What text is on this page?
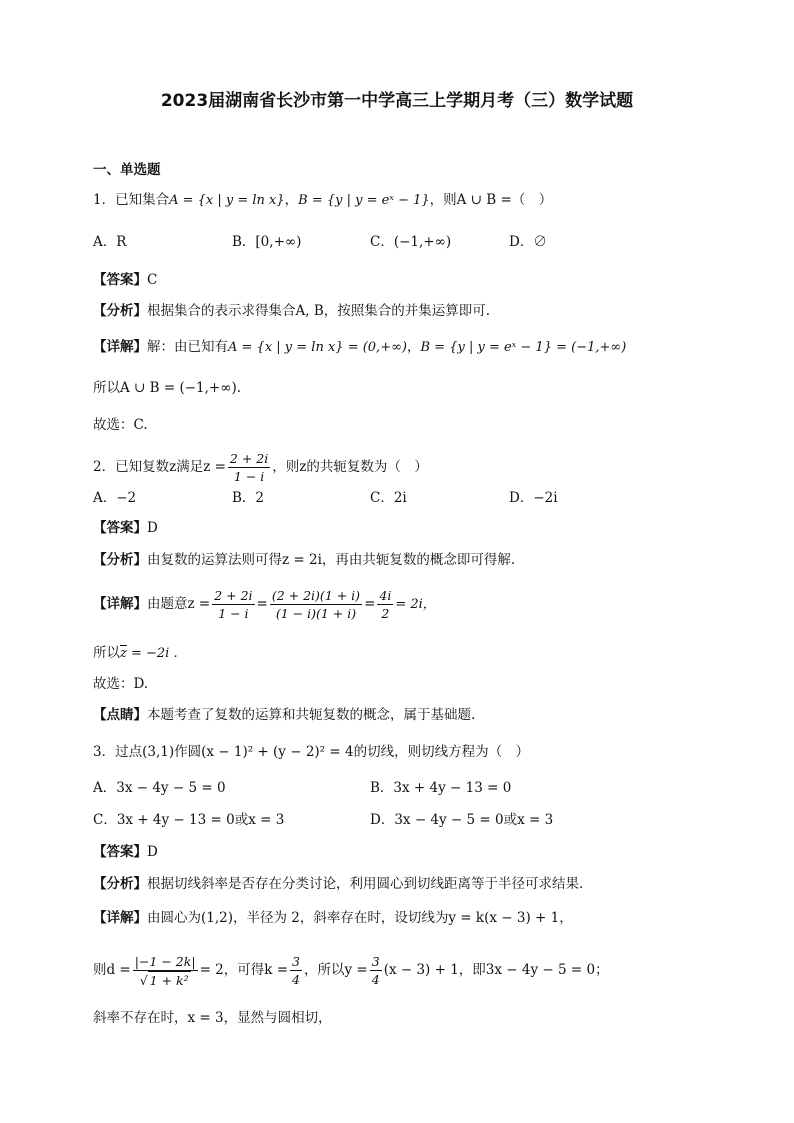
2023届湖南省长沙市第一中学高三上学期月考（三）数学试题
一、单选题
1．已知集合A = {x | y = ln x}，B = {y | y = eˣ − 1}，则A ∪ B =（　）
A．R	B．[0,+∞)	C．(−1,+∞)	D．∅
【答案】C
【分析】根据集合的表示求得集合A, B，按照集合的并集运算即可.
【详解】解：由已知有A = {x | y = ln x} = (0,+∞)，B = {y | y = eˣ − 1} = (−1,+∞)
所以A ∪ B = (−1,+∞).
故选：C.
2．已知复数z满足$z = \frac{2 + 2i}{1 - i}$ ，则z的共轭复数为（　）
A．−2	B．2	C．2i	D．−2i
【答案】D
【分析】由复数的运算法则可得z = 2i，再由共轭复数的概念即可得解.
【详解】由题意$z = \frac{2 + 2i}{1 - i} = \frac{(2 + 2i)(1 + i)}{(1 - i)(1 + i)} = \frac{4i}{2} = 2i$，
所以$\overline{z} = -2i$ .
故选：D.
【点睛】本题考查了复数的运算和共轭复数的概念，属于基础题.
3．过点(3,1)作圆(x − 1)² + (y − 2)² = 4的切线，则切线方程为（　）
A．3x − 4y − 5 = 0	B．3x + 4y − 13 = 0
C．3x + 4y − 13 = 0或x = 3	D．3x − 4y − 5 = 0或x = 3
【答案】D
【分析】根据切线斜率是否存在分类讨论，利用圆心到切线距离等于半径可求结果．
【详解】由圆心为(1,2)，半径为 2，斜率存在时，设切线为y = k(x − 3) + 1，
则$d = \frac{|-1 - 2k|}{\text{√ 1 + k²}} = 2$，可得$k = \frac{3}{4}$ ，所以$y = \frac{3}{4} (x - 3) + 1$，即3x − 4y − 5 = 0；
斜率不存在时，x = 3，显然与圆相切，
